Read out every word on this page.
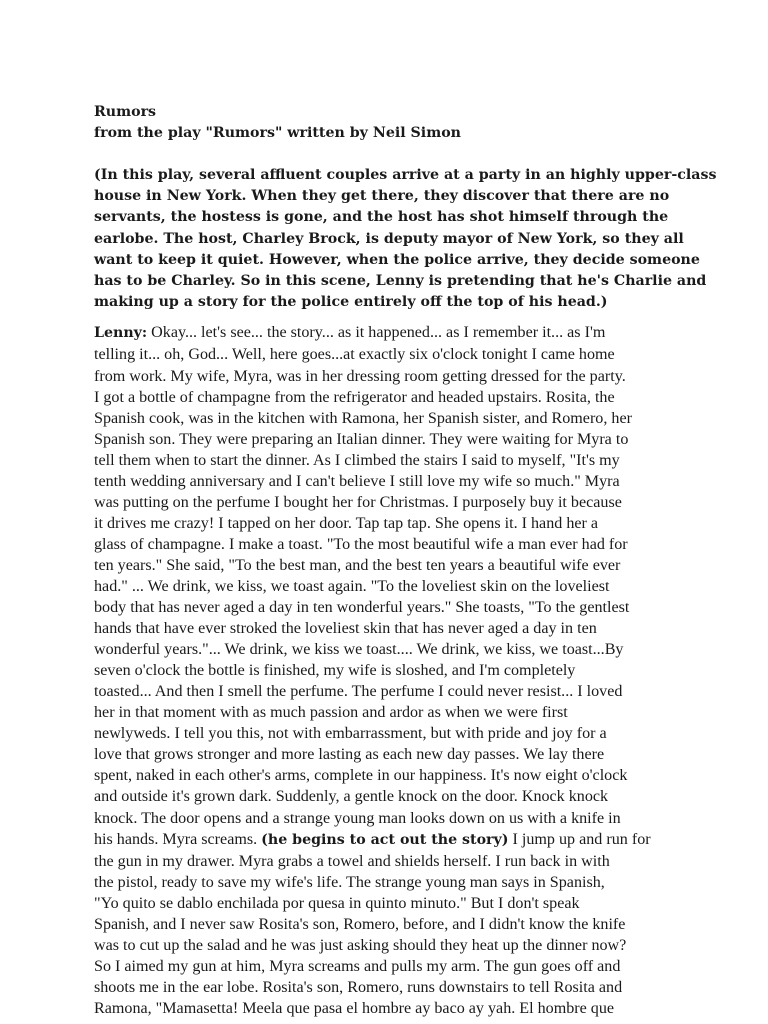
Rumors
from the play "Rumors" written by Neil Simon
(In this play, several affluent couples arrive at a party in an highly upper-class
house in New York. When they get there, they discover that there are no
servants, the hostess is gone, and the host has shot himself through the
earlobe. The host, Charley Brock, is deputy mayor of New York, so they all
want to keep it quiet. However, when the police arrive, they decide someone
has to be Charley. So in this scene, Lenny is pretending that he's Charlie and
making up a story for the police entirely off the top of his head.)
Lenny: Okay... let's see... the story... as it happened... as I remember it... as I'm
telling it... oh, God... Well, here goes...at exactly six o'clock tonight I came home
from work. My wife, Myra, was in her dressing room getting dressed for the party.
I got a bottle of champagne from the refrigerator and headed upstairs. Rosita, the
Spanish cook, was in the kitchen with Ramona, her Spanish sister, and Romero, her
Spanish son. They were preparing an Italian dinner. They were waiting for Myra to
tell them when to start the dinner. As I climbed the stairs I said to myself, "It's my
tenth wedding anniversary and I can't believe I still love my wife so much." Myra
was putting on the perfume I bought her for Christmas. I purposely buy it because
it drives me crazy! I tapped on her door. Tap tap tap. She opens it. I hand her a
glass of champagne. I make a toast. "To the most beautiful wife a man ever had for
ten years." She said, "To the best man, and the best ten years a beautiful wife ever
had." ... We drink, we kiss, we toast again. "To the loveliest skin on the loveliest
body that has never aged a day in ten wonderful years." She toasts, "To the gentlest
hands that have ever stroked the loveliest skin that has never aged a day in ten
wonderful years."... We drink, we kiss we toast.... We drink, we kiss, we toast...By
seven o'clock the bottle is finished, my wife is sloshed, and I'm completely
toasted... And then I smell the perfume. The perfume I could never resist... I loved
her in that moment with as much passion and ardor as when we were first
newlyweds. I tell you this, not with embarrassment, but with pride and joy for a
love that grows stronger and more lasting as each new day passes. We lay there
spent, naked in each other's arms, complete in our happiness. It's now eight o'clock
and outside it's grown dark. Suddenly, a gentle knock on the door. Knock knock
knock. The door opens and a strange young man looks down on us with a knife in
his hands. Myra screams. (he begins to act out the story) I jump up and run for
the gun in my drawer. Myra grabs a towel and shields herself. I run back in with
the pistol, ready to save my wife's life. The strange young man says in Spanish,
"Yo quito se dablo enchilada por quesa in quinto minuto." But I don't speak
Spanish, and I never saw Rosita's son, Romero, before, and I didn't know the knife
was to cut up the salad and he was just asking should they heat up the dinner now?
So I aimed my gun at him, Myra screams and pulls my arm. The gun goes off and
shoots me in the ear lobe. Rosita's son, Romero, runs downstairs to tell Rosita and
Ramona, "Mamasetta! Meela que pasa el hombre ay baco ay yah. El hombre que
